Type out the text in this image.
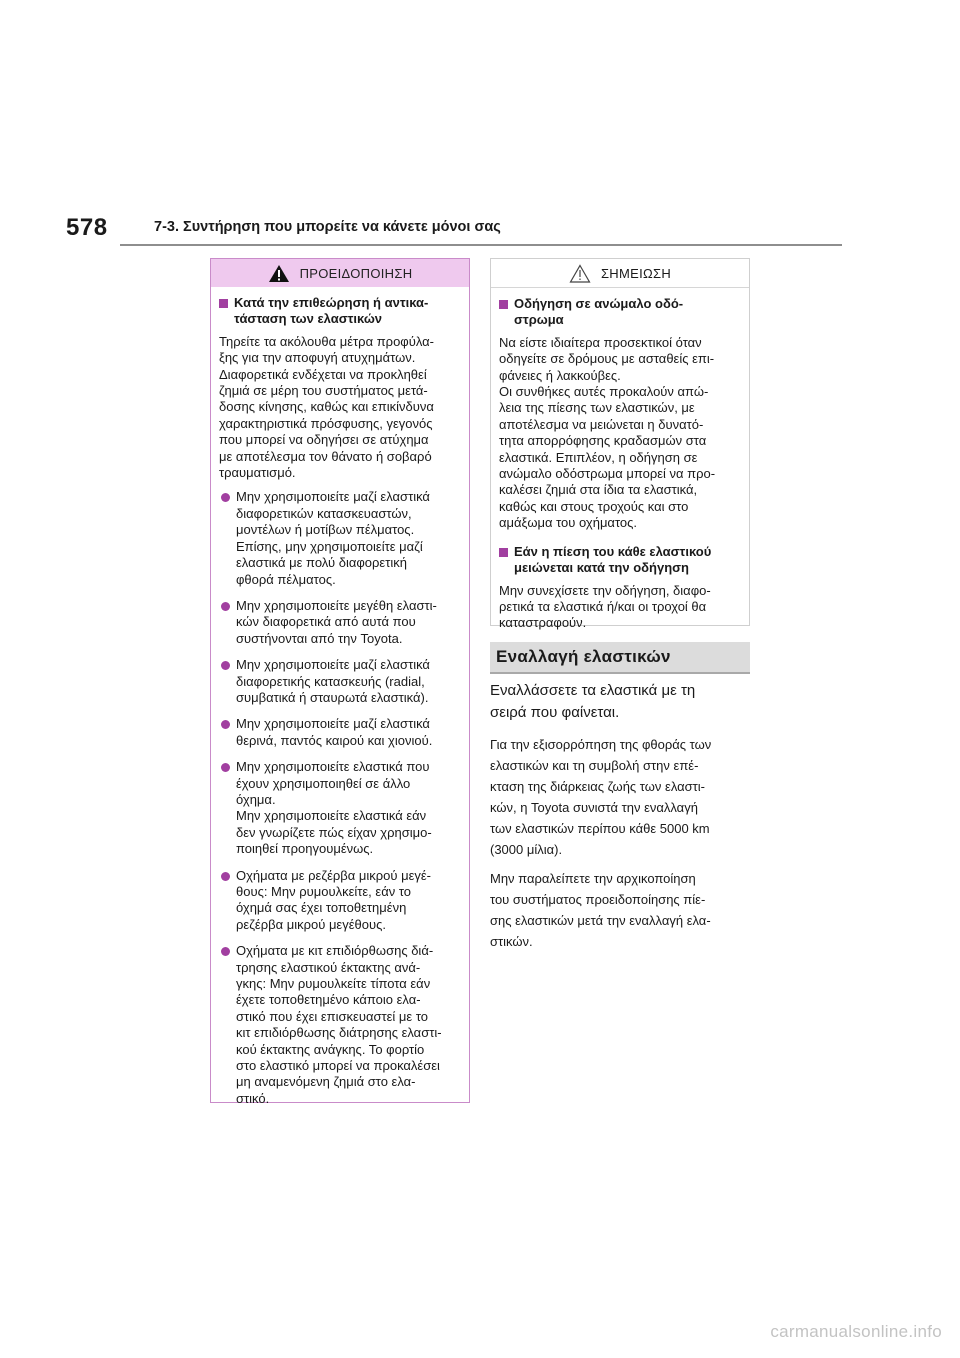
578	7-3. Συντήρηση που μπορείτε να κάνετε μόνοι σας
ΠΡΟΕΙΔΟΠΟΙΗΣΗ
Κατά την επιθεώρηση ή αντικα-
τάσταση των ελαστικών
Τηρείτε τα ακόλουθα μέτρα προφύλα-
ξης για την αποφυγή ατυχημάτων.
Διαφορετικά ενδέχεται να προκληθεί
ζημιά σε μέρη του συστήματος μετά-
δοσης κίνησης, καθώς και επικίνδυνα
χαρακτηριστικά πρόσφυσης, γεγονός
που μπορεί να οδηγήσει σε ατύχημα
με αποτέλεσμα τον θάνατο ή σοβαρό
τραυματισμό.
Μην χρησιμοποιείτε μαζί ελαστικά
διαφορετικών κατασκευαστών,
μοντέλων ή μοτίβων πέλματος.
Επίσης, μην χρησιμοποιείτε μαζί
ελαστικά με πολύ διαφορετική
φθορά πέλματος.
Μην χρησιμοποιείτε μεγέθη ελαστι-
κών διαφορετικά από αυτά που
συστήνονται από την Toyota.
Μην χρησιμοποιείτε μαζί ελαστικά
διαφορετικής κατασκευής (radial,
συμβατικά ή σταυρωτά ελαστικά).
Μην χρησιμοποιείτε μαζί ελαστικά
θερινά, παντός καιρού και χιονιού.
Μην χρησιμοποιείτε ελαστικά που
έχουν χρησιμοποιηθεί σε άλλο
όχημα.
Μην χρησιμοποιείτε ελαστικά εάν
δεν γνωρίζετε πώς είχαν χρησιμο-
ποιηθεί προηγουμένως.
Οχήματα με ρεζέρβα μικρού μεγέ-
θους: Μην ρυμουλκείτε, εάν το
όχημά σας έχει τοποθετημένη
ρεζέρβα μικρού μεγέθους.
Οχήματα με κιτ επιδιόρθωσης διά-
τρησης ελαστικού έκτακτης ανά-
γκης: Μην ρυμουλκείτε τίποτα εάν
έχετε τοποθετημένο κάποιο ελα-
στικό που έχει επισκευαστεί με το
κιτ επιδιόρθωσης διάτρησης ελαστι-
κού έκτακτης ανάγκης. Το φορτίο
στο ελαστικό μπορεί να προκαλέσει
μη αναμενόμενη ζημιά στο ελα-
στικό.
ΣΗΜΕΙΩΣΗ
Οδήγηση σε ανώμαλο οδό-
στρωμα
Να είστε ιδιαίτερα προσεκτικοί όταν
οδηγείτε σε δρόμους με ασταθείς επι-
φάνειες ή λακκούβες.
Οι συνθήκες αυτές προκαλούν απώ-
λεια της πίεσης των ελαστικών, με
αποτέλεσμα να μειώνεται η δυνατό-
τητα απορρόφησης κραδασμών στα
ελαστικά. Επιπλέον, η οδήγηση σε
ανώμαλο οδόστρωμα μπορεί να προ-
καλέσει ζημιά στα ίδια τα ελαστικά,
καθώς και στους τροχούς και στο
αμάξωμα του οχήματος.
Εάν η πίεση του κάθε ελαστικού
μειώνεται κατά την οδήγηση
Μην συνεχίσετε την οδήγηση, διαφο-
ρετικά τα ελαστικά ή/και οι τροχοί θα
καταστραφούν.
Εναλλαγή ελαστικών
Εναλλάσσετε τα ελαστικά με τη
σειρά που φαίνεται.
Για την εξισορρόπηση της φθοράς των
ελαστικών και τη συμβολή στην επέ-
κταση της διάρκειας ζωής των ελαστι-
κών, η Toyota συνιστά την εναλλαγή
των ελαστικών περίπου κάθε 5000 km
(3000 μίλια).
Μην παραλείπετε την αρχικοποίηση
του συστήματος προειδοποίησης πίε-
σης ελαστικών μετά την εναλλαγή ελα-
στικών.
carmanualsonline.info
